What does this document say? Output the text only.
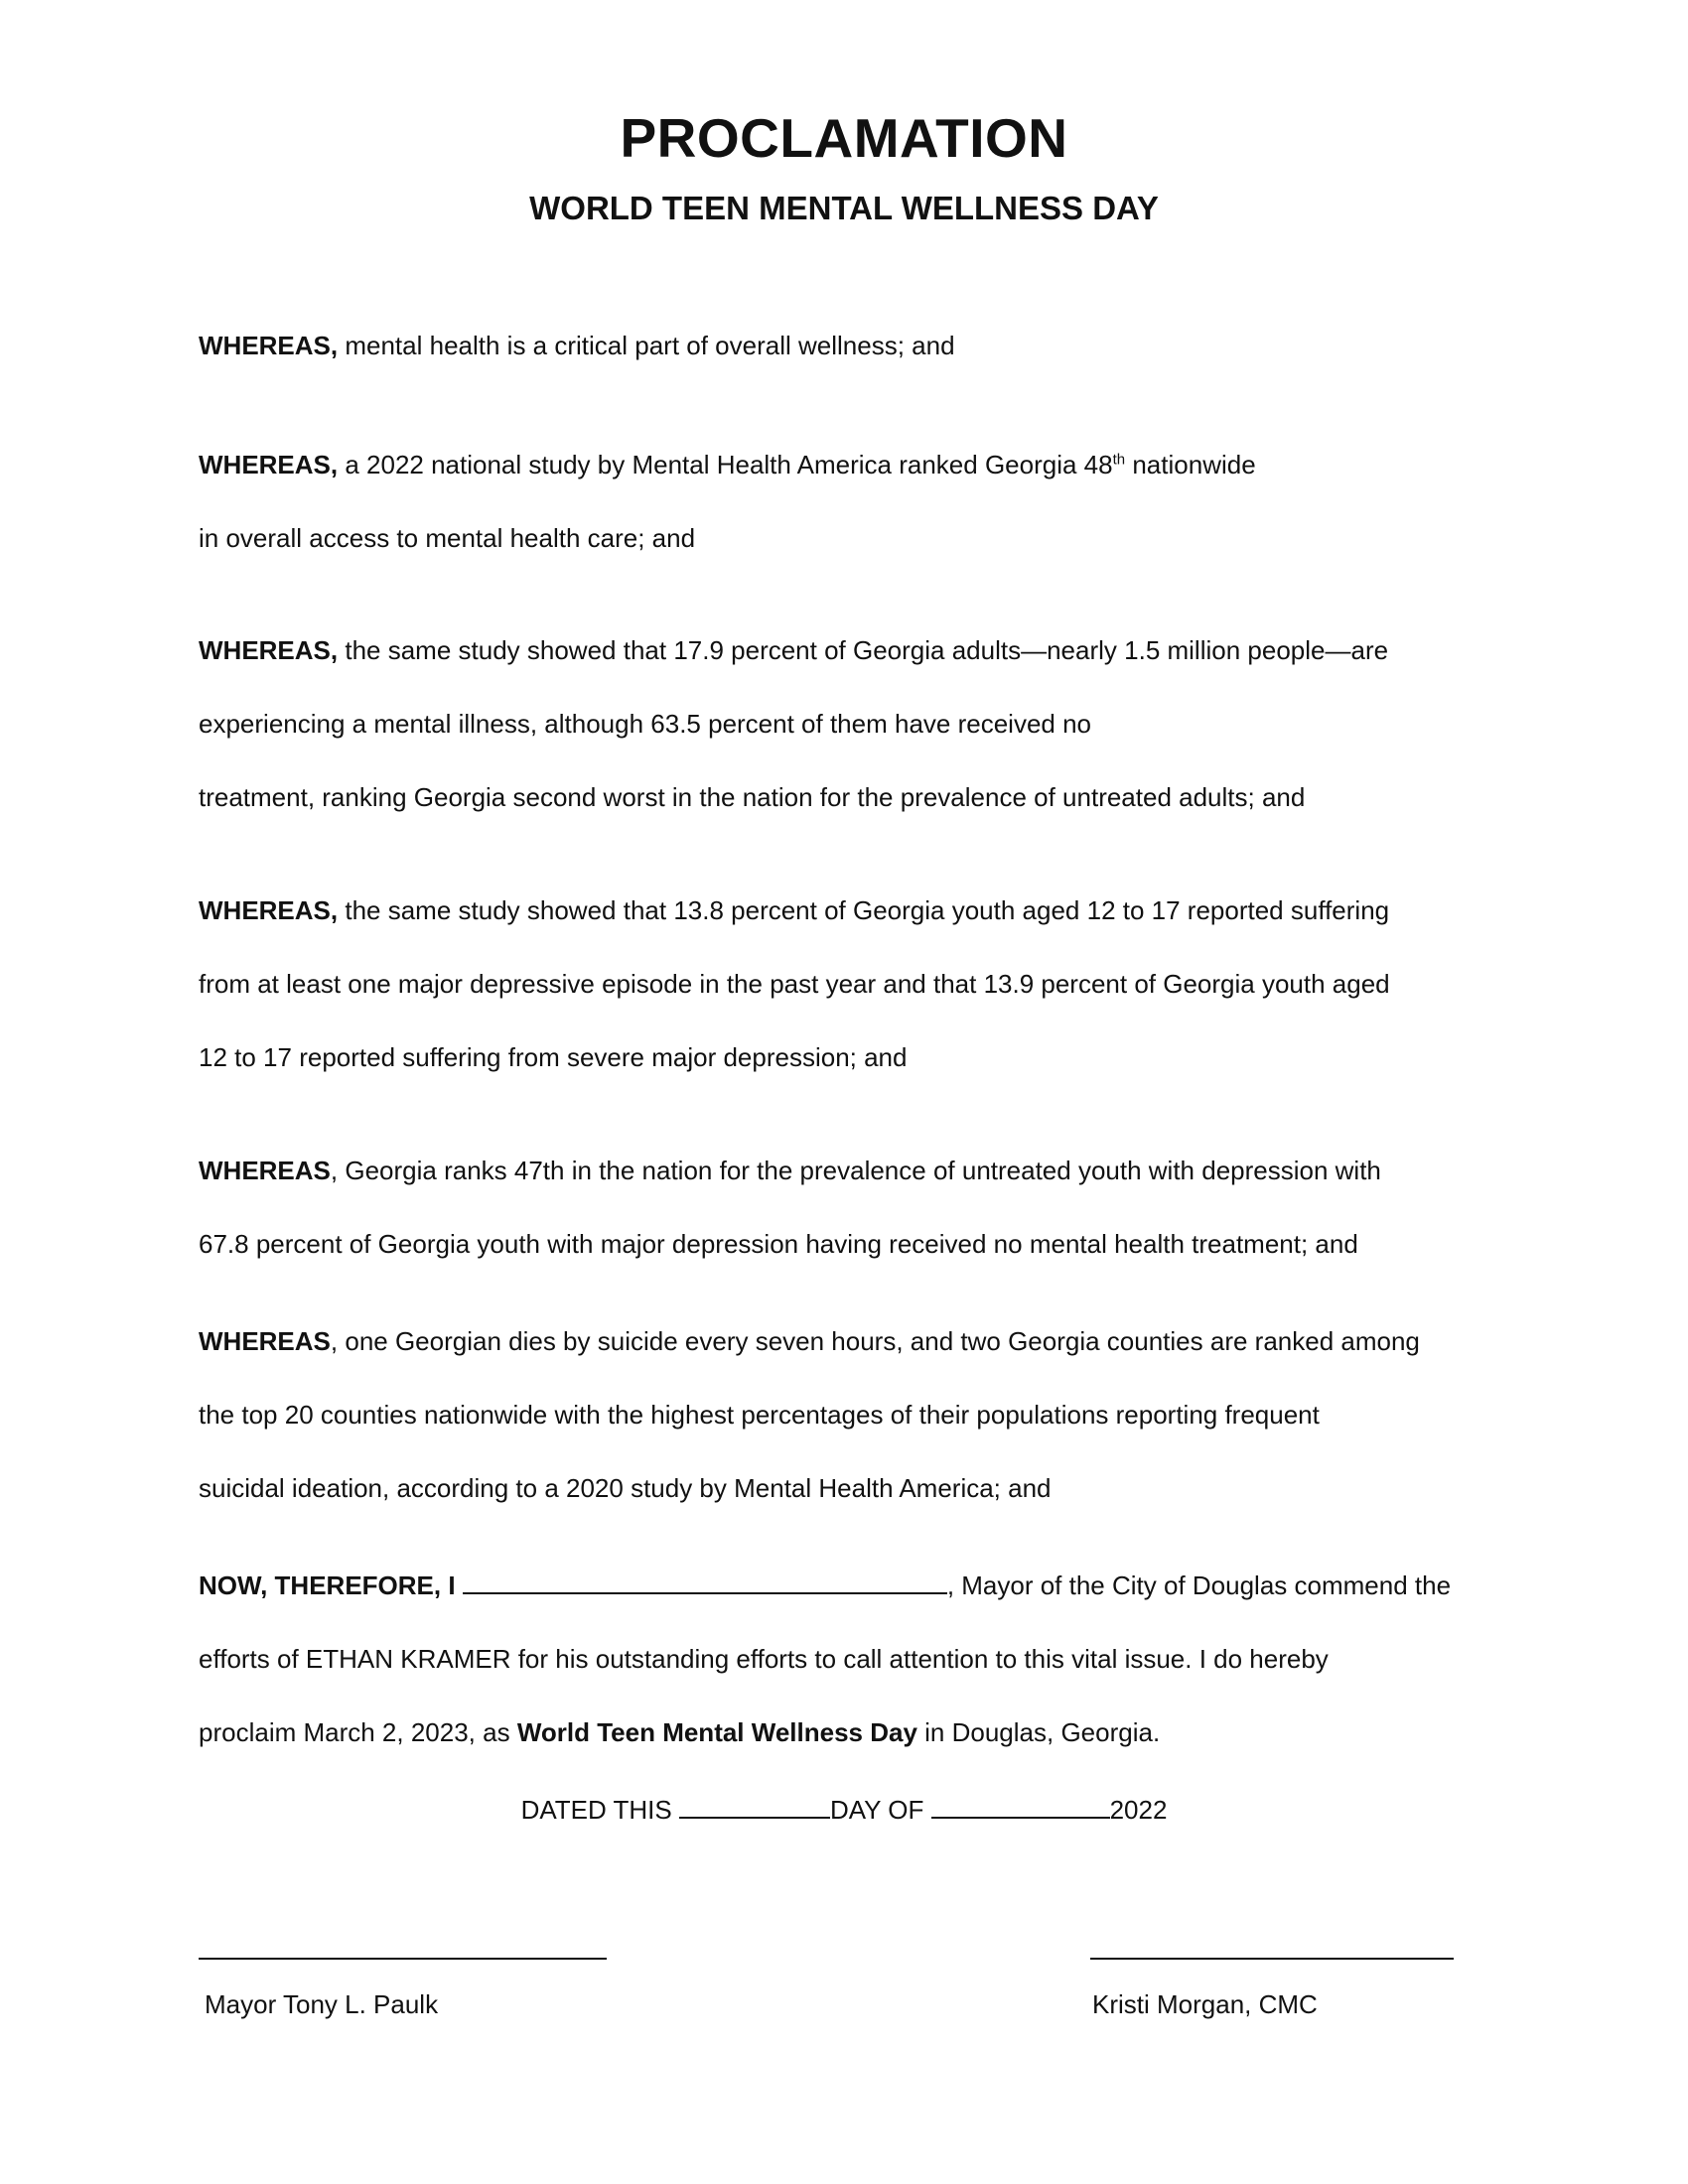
PROCLAMATION
WORLD TEEN MENTAL WELLNESS DAY
WHEREAS, mental health is a critical part of overall wellness; and
WHEREAS, a 2022 national study by Mental Health America ranked Georgia 48th nationwide
in overall access to mental health care; and
WHEREAS, the same study showed that 17.9 percent of Georgia adults—nearly 1.5 million people—are
experiencing a mental illness, although 63.5 percent of them have received no
treatment, ranking Georgia second worst in the nation for the prevalence of untreated adults; and
WHEREAS, the same study showed that 13.8 percent of Georgia youth aged 12 to 17 reported suffering
from at least one major depressive episode in the past year and that 13.9 percent of Georgia youth aged
12 to 17 reported suffering from severe major depression; and
WHEREAS, Georgia ranks 47th in the nation for the prevalence of untreated youth with depression with
67.8 percent of Georgia youth with major depression having received no mental health treatment; and
WHEREAS, one Georgian dies by suicide every seven hours, and two Georgia counties are ranked among
the top 20 counties nationwide with the highest percentages of their populations reporting frequent
suicidal ideation, according to a 2020 study by Mental Health America; and
NOW, THEREFORE, I	, Mayor of the City of Douglas commend the
efforts of ETHAN KRAMER for his outstanding efforts to call attention to this vital issue. I do hereby
proclaim March 2, 2023, as World Teen Mental Wellness Day in Douglas, Georgia.
DATED THIS	DAY OF	2022
Mayor Tony L. Paulk	Kristi Morgan, CMC
